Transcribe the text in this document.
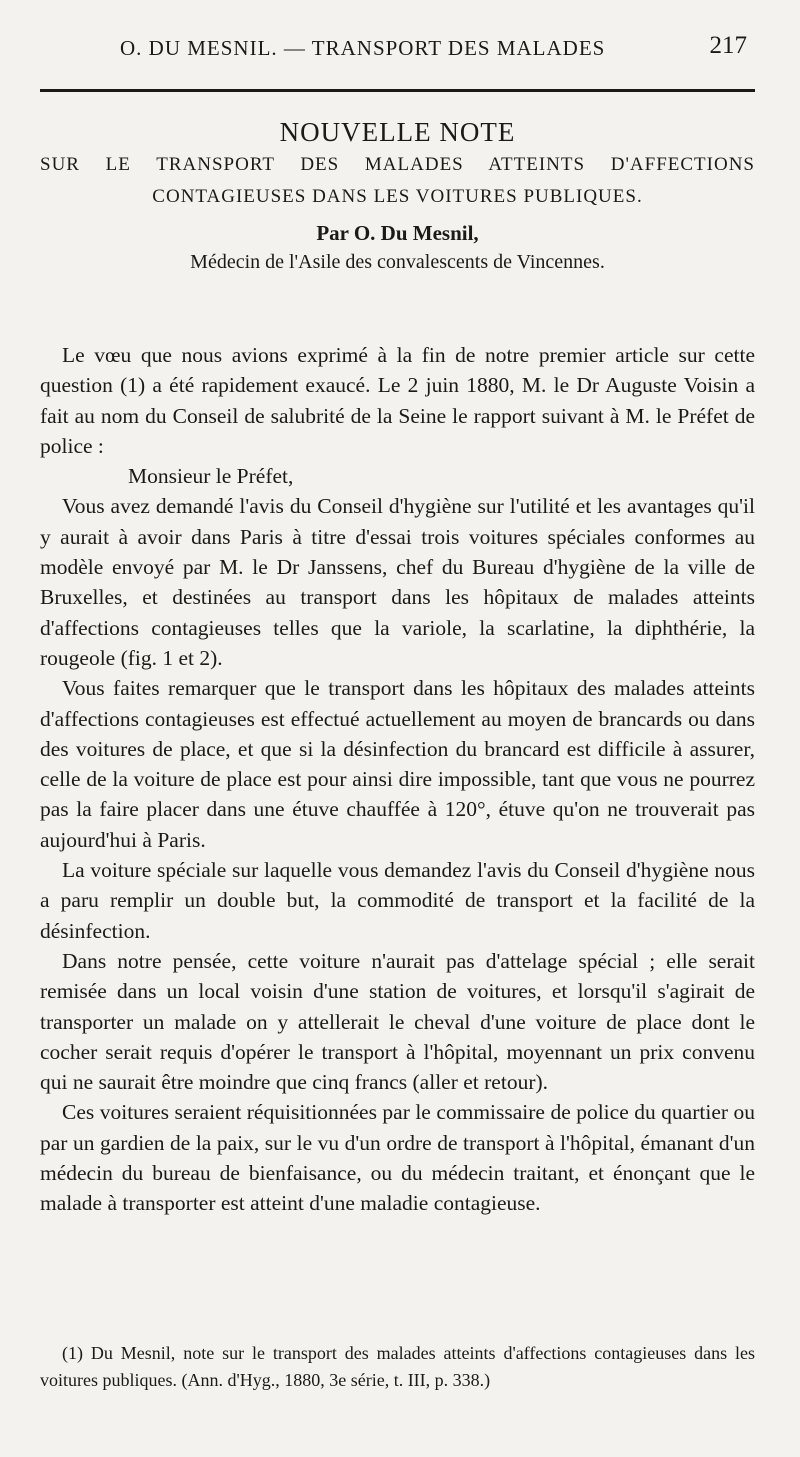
O. DU MESNIL. — TRANSPORT DES MALADES	217
NOUVELLE NOTE
SUR LE TRANSPORT DES MALADES ATTEINTS D'AFFECTIONS
CONTAGIEUSES DANS LES VOITURES PUBLIQUES.
Par O. Du Mesnil,
Médecin de l'Asile des convalescents de Vincennes.

Le vœu que nous avions exprimé à la fin de notre premier article sur cette question (1) a été rapidement exaucé. Le 2 juin 1880, M. le Dr Auguste Voisin a fait au nom du Conseil de salubrité de la Seine le rapport suivant à M. le Préfet de police :

Monsieur le Préfet,

Vous avez demandé l'avis du Conseil d'hygiène sur l'utilité et les avantages qu'il y aurait à avoir dans Paris à titre d'essai trois voitures spéciales conformes au modèle envoyé par M. le Dr Janssens, chef du Bureau d'hygiène de la ville de Bruxelles, et destinées au transport dans les hôpitaux de malades atteints d'affections contagieuses telles que la variole, la scarlatine, la diphthérie, la rougeole (fig. 1 et 2).

Vous faites remarquer que le transport dans les hôpitaux des malades atteints d'affections contagieuses est effectué actuellement au moyen de brancards ou dans des voitures de place, et que si la désinfection du brancard est difficile à assurer, celle de la voiture de place est pour ainsi dire impossible, tant que vous ne pourrez pas la faire placer dans une étuve chauffée à 120°, étuve qu'on ne trouverait pas aujourd'hui à Paris.

La voiture spéciale sur laquelle vous demandez l'avis du Conseil d'hygiène nous a paru remplir un double but, la commodité de transport et la facilité de la désinfection.

Dans notre pensée, cette voiture n'aurait pas d'attelage spécial ; elle serait remisée dans un local voisin d'une station de voitures, et lorsqu'il s'agirait de transporter un malade on y attellerait le cheval d'une voiture de place dont le cocher serait requis d'opérer le transport à l'hôpital, moyennant un prix convenu qui ne saurait être moindre que cinq francs (aller et retour).

Ces voitures seraient réquisitionnées par le commissaire de police du quartier ou par un gardien de la paix, sur le vu d'un ordre de transport à l'hôpital, émanant d'un médecin du bureau de bienfaisance, ou du médecin traitant, et énonçant que le malade à transporter est atteint d'une maladie contagieuse.

(1) Du Mesnil, note sur le transport des malades atteints d'affections contagieuses dans les voitures publiques. (Ann. d'Hyg., 1880, 3e série, t. III, p. 338.)
